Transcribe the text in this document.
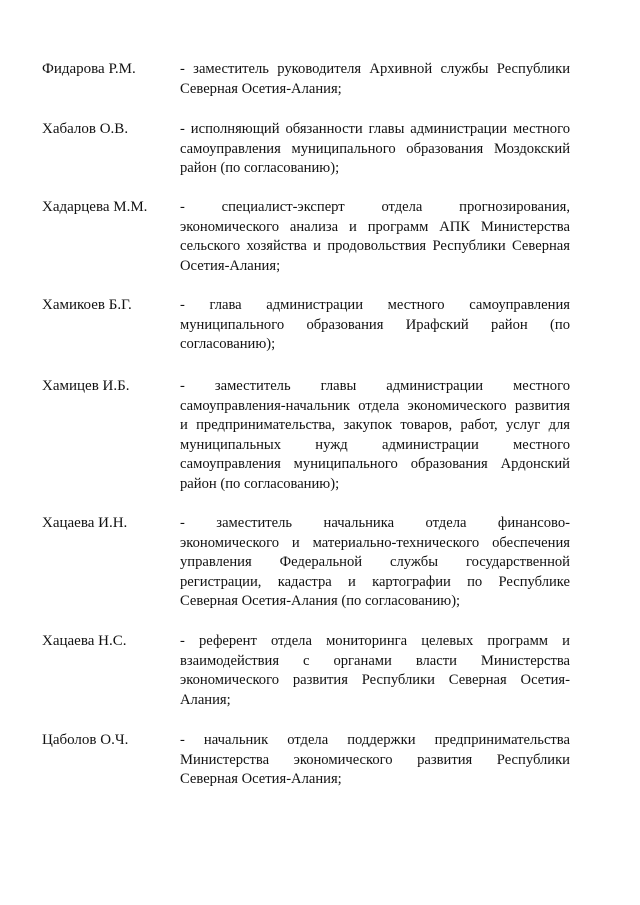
Фидарова Р.М.	- заместитель руководителя Архивной службы Республики
Северная Осетия-Алания;
Хабалов О.В.	- исполняющий обязанности главы администрации местного
самоуправления муниципального образования Моздокский
район (по согласованию);
Хадарцева М.М. - специалист-эксперт отдела прогнозирования,
экономического анализа и программ АПК Министерства
сельского хозяйства и продовольствия Республики Северная
Осетия-Алания;
Хамикоев Б.Г.	- глава администрации местного самоуправления
муниципального образования Ирафский район (по
согласованию);
Хамицев И.Б.	- заместитель главы администрации местного
самоуправления-начальник отдела экономического развития
и предпринимательства, закупок товаров, работ, услуг для
муниципальных нужд администрации местного
самоуправления муниципального образования Ардонский
район (по согласованию);
Хацаева И.Н.	- заместитель начальника отдела финансово-
экономического и материально-технического обеспечения
управления Федеральной службы государственной
регистрации, кадастра и картографии по Республике
Северная Осетия-Алания (по согласованию);
Хацаева Н.С.	- референт отдела мониторинга целевых программ и
взаимодействия с органами власти Министерства
экономического развития Республики Северная Осетия-
Алания;
Цаболов О.Ч.	- начальник отдела поддержки предпринимательства
Министерства экономического развития Республики
Северная Осетия-Алания;
